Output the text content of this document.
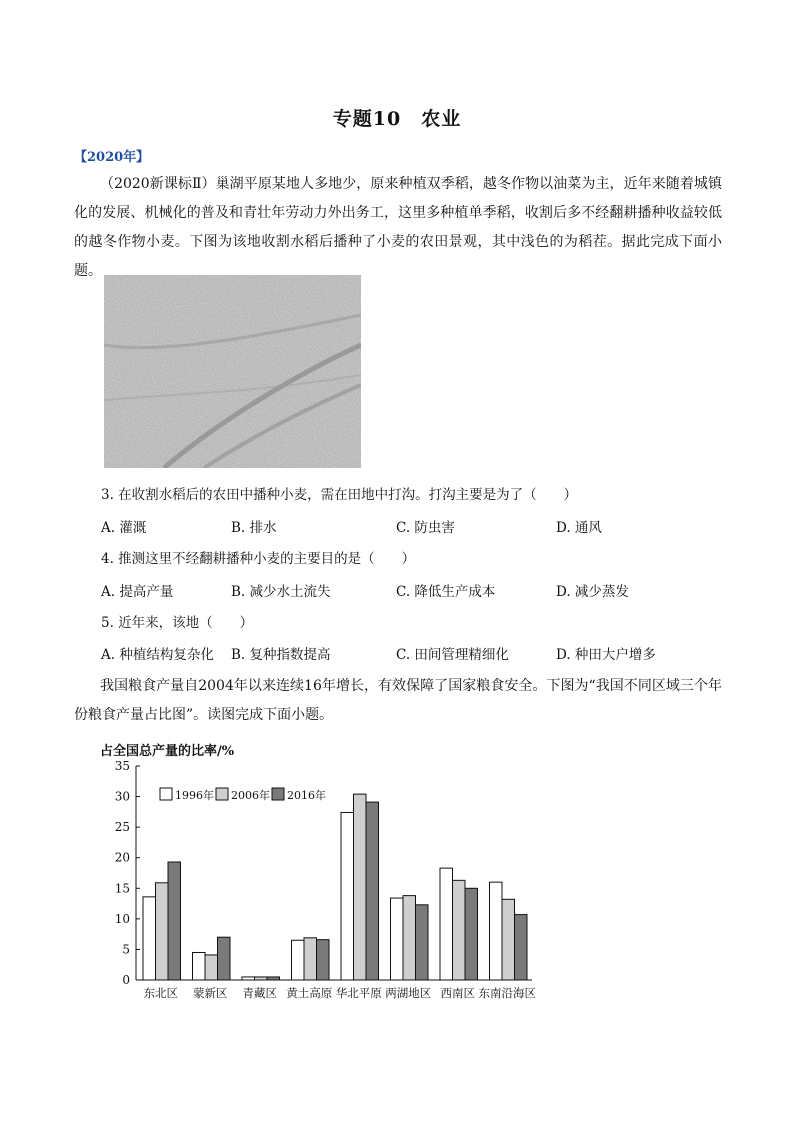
专题10　农业
【2020年】
（2020新课标Ⅱ）巢湖平原某地人多地少，原来种植双季稻，越冬作物以油菜为主，近年来随着城镇化的发展、机械化的普及和青壮年劳动力外出务工，这里多种植单季稻，收割后多不经翻耕播种收益较低的越冬作物小麦。下图为该地收割水稻后播种了小麦的农田景观，其中浅色的为稻茬。据此完成下面小题。
3. 在收割水稻后的农田中播种小麦，需在田地中打沟。打沟主要是为了（　　）
A. 灌溉	B. 排水	C. 防虫害	D. 通风
4. 推测这里不经翻耕播种小麦的主要目的是（　　）
A. 提高产量	B. 减少水土流失	C. 降低生产成本	D. 减少蒸发
5. 近年来，该地（　　）
A. 种植结构复杂化 B. 复种指数提高	C. 田间管理精细化	D. 种田大户增多
我国粮食产量自2004年以来连续16年增长，有效保障了国家粮食安全。下图为“我国不同区域三个年份粮食产量占比图”。读图完成下面小题。
占全国总产量的比率/%
0
5
10
15
20
25
30
35
东北区 蒙新区 青藏区 黄土高原 华北平原 两湖地区 西南区 东南沿海区
1996年 2006年 2016年
